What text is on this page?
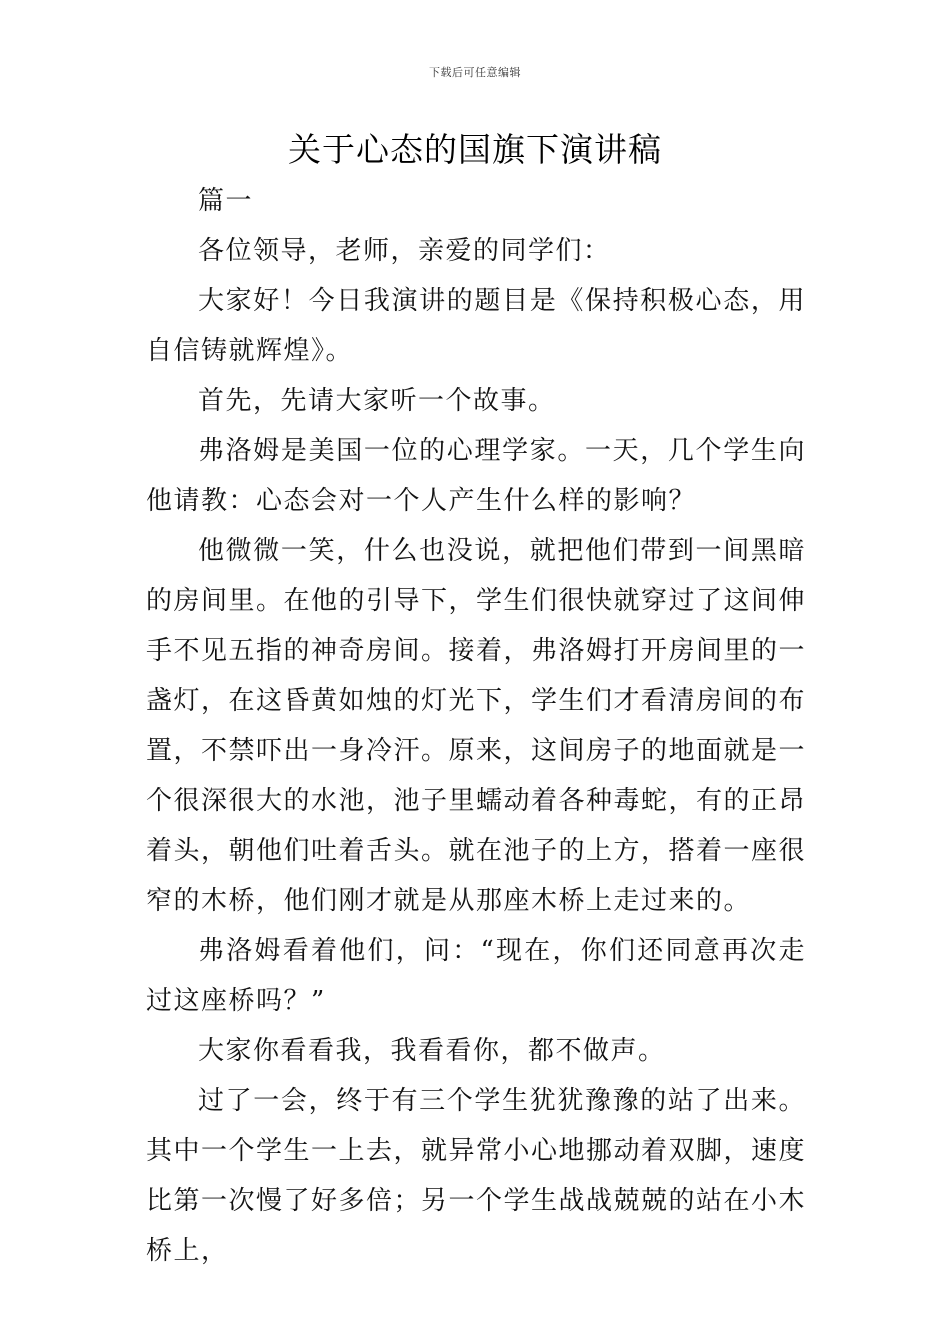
下载后可任意编辑
关于心态的国旗下演讲稿

篇一

各位领导，老师，亲爱的同学们：

大家好！今日我演讲的题目是《保持积极心态，用自信铸就辉煌》。

首先，先请大家听一个故事。

弗洛姆是美国一位的心理学家。一天，几个学生向他请教：心态会对一个人产生什么样的影响？

他微微一笑，什么也没说，就把他们带到一间黑暗的房间里。在他的引导下，学生们很快就穿过了这间伸手不见五指的神奇房间。接着，弗洛姆打开房间里的一盏灯，在这昏黄如烛的灯光下，学生们才看清房间的布置，不禁吓出一身冷汗。原来，这间房子的地面就是一个很深很大的水池，池子里蠕动着各种毒蛇，有的正昂着头，朝他们吐着舌头。就在池子的上方，搭着一座很窄的木桥，他们刚才就是从那座木桥上走过来的。

弗洛姆看着他们，问：“现在，你们还同意再次走过这座桥吗？”

大家你看看我，我看看你，都不做声。

过了一会，终于有三个学生犹犹豫豫的站了出来。其中一个学生一上去，就异常小心地挪动着双脚，速度比第一次慢了好多倍；另一个学生战战兢兢的站在小木桥上，
